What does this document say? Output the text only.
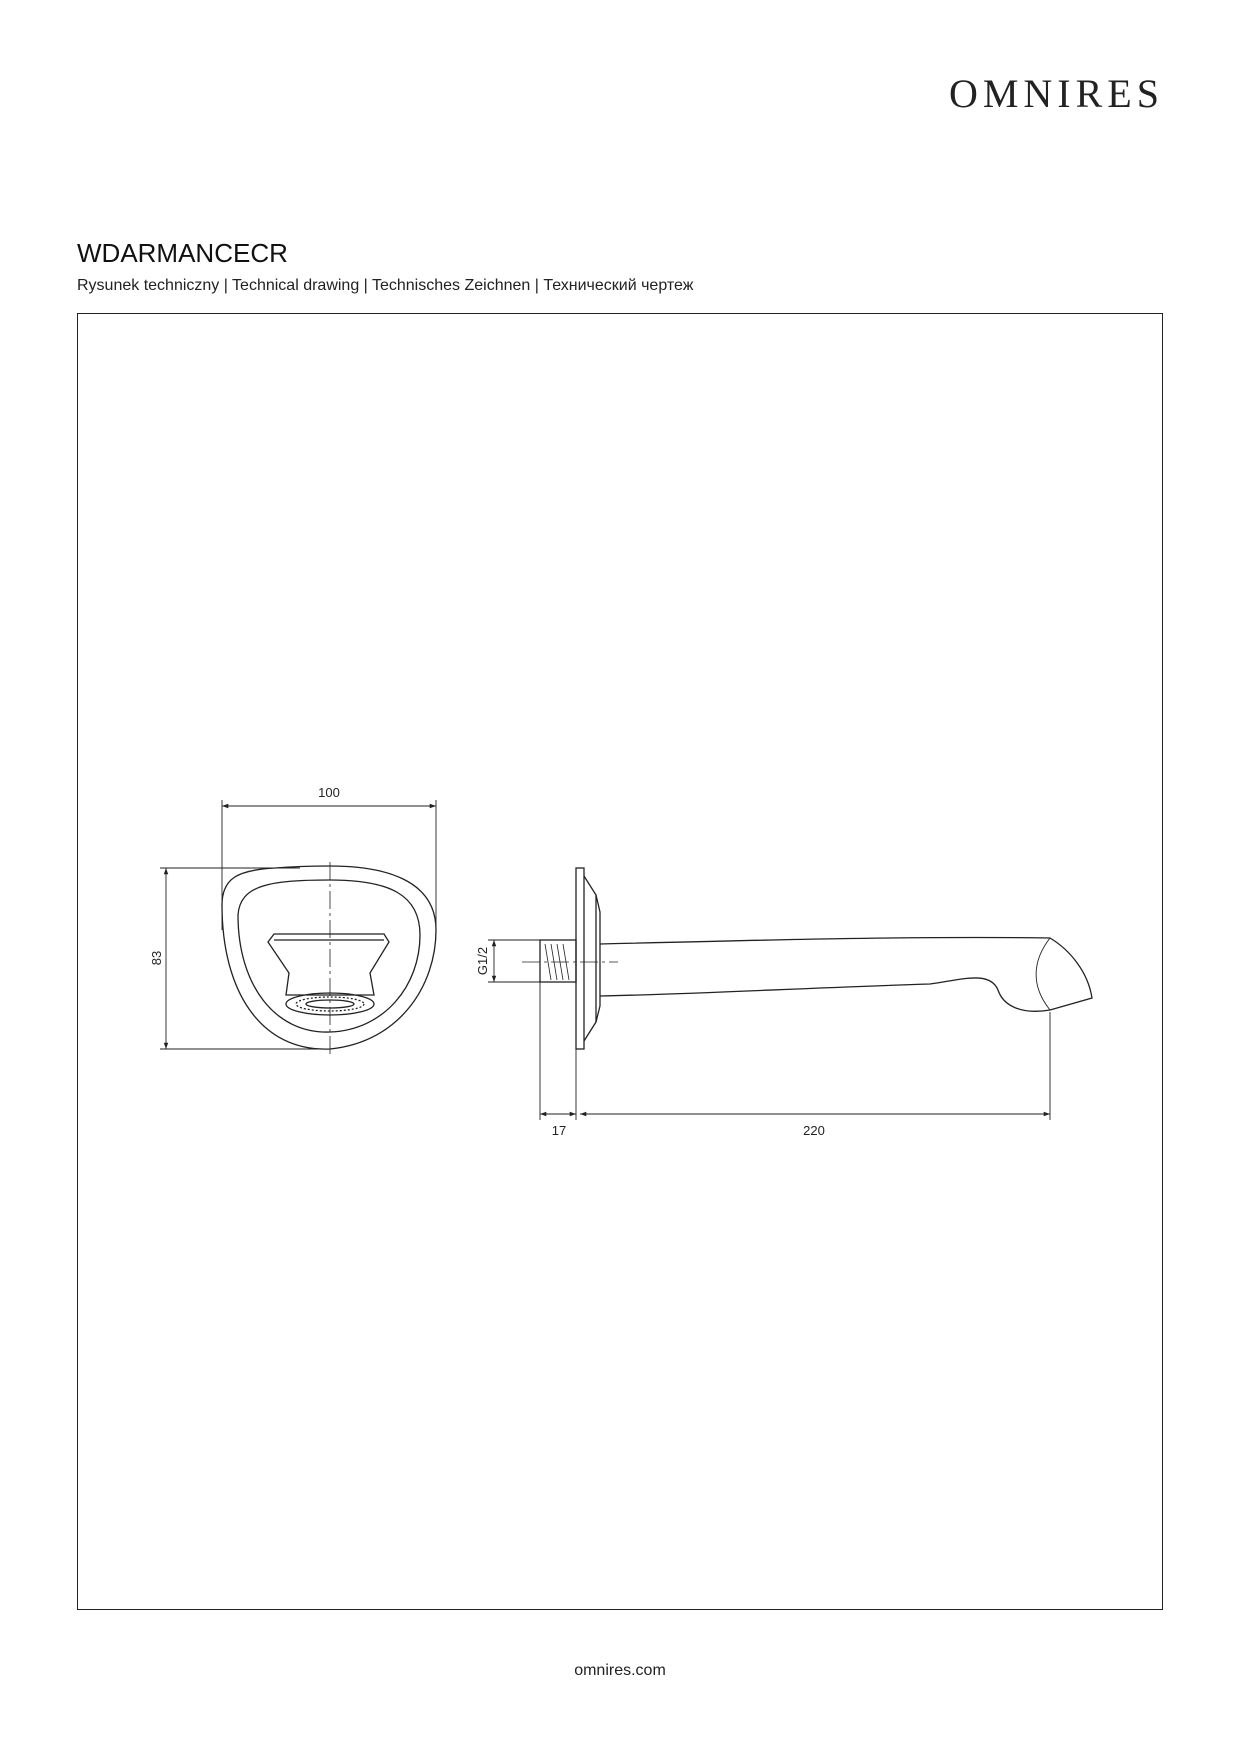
OMNIRES
WDARMANCECR
Rysunek techniczny | Technical drawing | Technisches Zeichnen | Технический чертеж
100
83	G1/2
17	220
omnires.com
